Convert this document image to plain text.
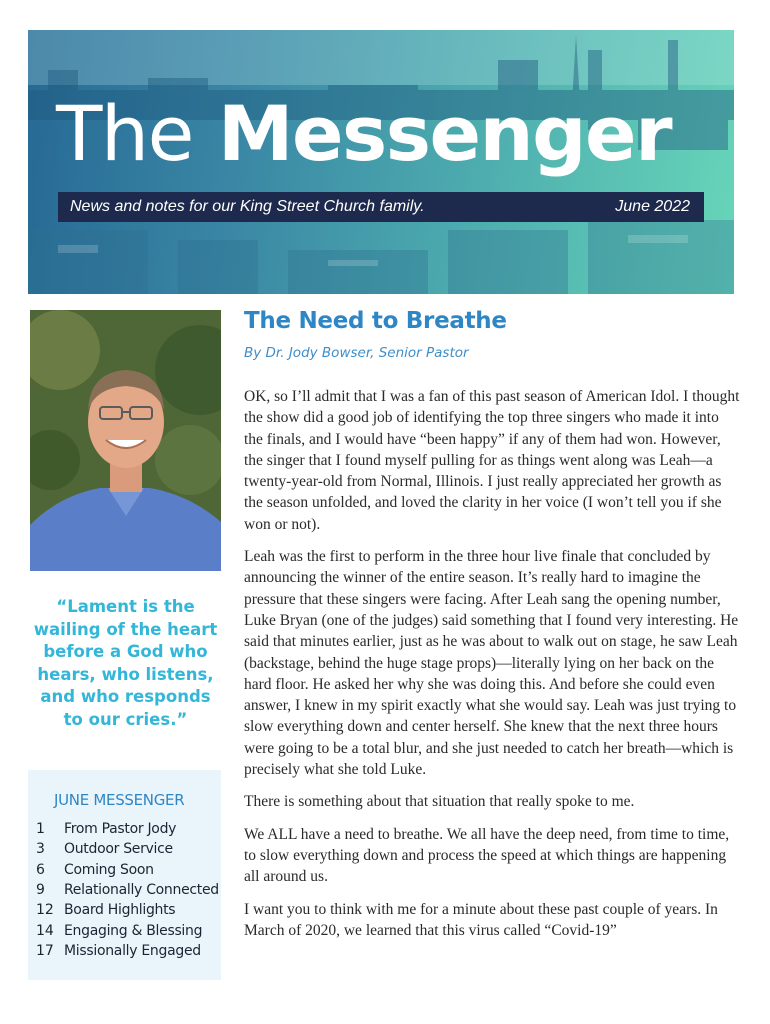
The Messenger
News and notes for our King Street Church family.	June 2022
“Lament is the wailing of the heart before a God who hears, who listens, and who responds to our cries.”
JUNE MESSENGER
1	From Pastor Jody
3	Outdoor Service
6	Coming Soon
9	Relationally Connected
12 Board Highlights
14 Engaging & Blessing
17 Missionally Engaged
The Need to Breathe
By Dr. Jody Bowser, Senior Pastor

OK, so I’ll admit that I was a fan of this past season of American Idol. I thought the show did a good job of identifying the top three singers who made it into the finals, and I would have “been happy” if any of them had won. However, the singer that I found myself pulling for as things went along was Leah—a twenty-year-old from Normal, Illinois. I just really appreciated her growth as the season unfolded, and loved the clarity in her voice (I won’t tell you if she won or not).

Leah was the first to perform in the three hour live finale that concluded by announcing the winner of the entire season. It’s really hard to imagine the pressure that these singers were facing. After Leah sang the opening number, Luke Bryan (one of the judges) said something that I found very interesting. He said that minutes earlier, just as he was about to walk out on stage, he saw Leah (backstage, behind the huge stage props)—literally lying on her back on the hard floor. He asked her why she was doing this. And before she could even answer, I knew in my spirit exactly what she would say. Leah was just trying to slow everything down and center herself. She knew that the next three hours were going to be a total blur, and she just needed to catch her breath—which is precisely what she told Luke.

There is something about that situation that really spoke to me.

We ALL have a need to breathe. We all have the deep need, from time to time, to slow everything down and process the speed at which things are happening all around us.

I want you to think with me for a minute about these past couple of years. In March of 2020, we learned that this virus called “Covid-19”
